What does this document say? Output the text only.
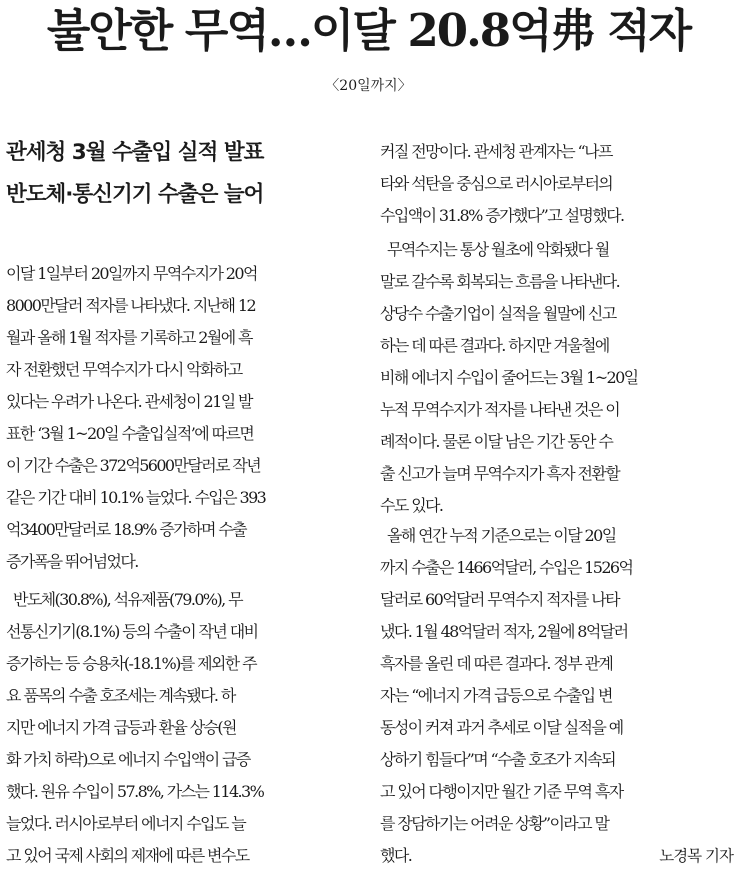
불안한 무역…이달 20.8억弗 적자
〈20일까지〉
관세청 3월 수출입 실적 발표
반도체·통신기기 수출은 늘어
이달 1일부터 20일까지 무역수지가 20억
8000만달러 적자를 나타냈다. 지난해 12
월과 올해 1월 적자를 기록하고 2월에 흑
자 전환했던 무역수지가 다시 악화하고
있다는 우려가 나온다. 관세청이 21일 발
표한 ‘3월 1~20일 수출입실적’에 따르면
이 기간 수출은 372억5600만달러로 작년
같은 기간 대비 10.1% 늘었다. 수입은 393
억3400만달러로 18.9% 증가하며 수출
증가폭을 뛰어넘었다.
반도체(30.8%), 석유제품(79.0%), 무
선통신기기(8.1%) 등의 수출이 작년 대비
증가하는 등 승용차(-18.1%)를 제외한 주
요 품목의 수출 호조세는 계속됐다. 하
지만 에너지 가격 급등과 환율 상승(원
화 가치 하락)으로 에너지 수입액이 급증
했다. 원유 수입이 57.8%, 가스는 114.3%
늘었다. 러시아로부터 에너지 수입도 늘
고 있어 국제 사회의 제재에 따른 변수도
커질 전망이다. 관세청 관계자는 “나프
타와 석탄을 중심으로 러시아로부터의
수입액이 31.8% 증가했다”고 설명했다.
무역수지는 통상 월초에 악화됐다 월
말로 갈수록 회복되는 흐름을 나타낸다.
상당수 수출기업이 실적을 월말에 신고
하는 데 따른 결과다. 하지만 겨울철에
비해 에너지 수입이 줄어드는 3월 1~20일
누적 무역수지가 적자를 나타낸 것은 이
례적이다. 물론 이달 남은 기간 동안 수
출 신고가 늘며 무역수지가 흑자 전환할
수도 있다.
올해 연간 누적 기준으로는 이달 20일
까지 수출은 1466억달러, 수입은 1526억
달러로 60억달러 무역수지 적자를 나타
냈다. 1월 48억달러 적자, 2월에 8억달러
흑자를 올린 데 따른 결과다. 정부 관계
자는 “에너지 가격 급등으로 수출입 변
동성이 커져 과거 추세로 이달 실적을 예
상하기 힘들다”며 “수출 호조가 지속되
고 있어 다행이지만 월간 기준 무역 흑자
를 장담하기는 어려운 상황”이라고 말
했다.	노경목 기자
